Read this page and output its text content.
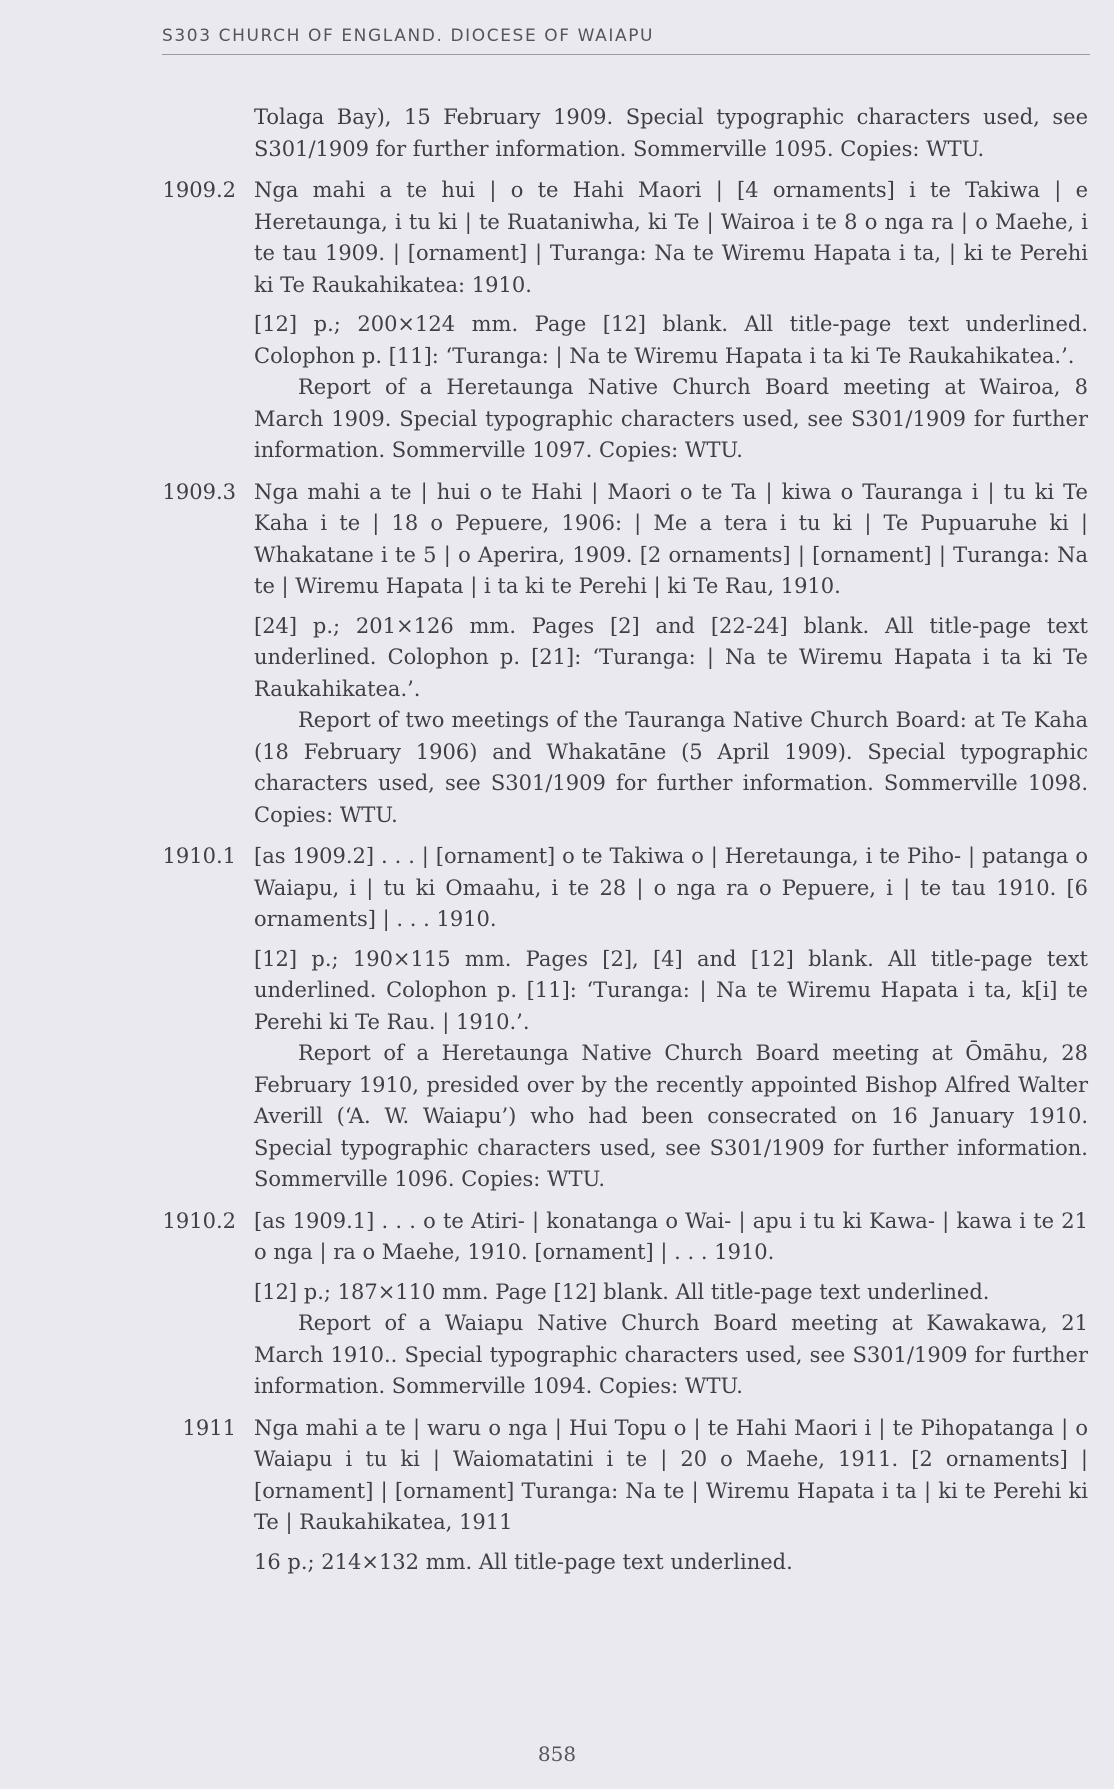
S303 CHURCH OF ENGLAND. DIOCESE OF WAIAPU

Tolaga Bay), 15 February 1909. Special typographic characters used, see S301/1909 for further information. Sommerville 1095. Copies: WTU.

1909.2 Nga mahi a te hui | o te Hahi Maori | [4 ornaments] i te Takiwa | e Heretaunga, i tu ki | te Ruataniwha, ki Te | Wairoa i te 8 o nga ra | o Maehe, i te tau 1909. | [ornament] | Turanga: Na te Wiremu Hapata i ta, | ki te Perehi ki Te Raukahikatea: 1910.

[12] p.; 200×124 mm. Page [12] blank. All title-page text underlined. Colophon p. [11]: ‘Turanga: | Na te Wiremu Hapata i ta ki Te Raukahikatea.’.

Report of a Heretaunga Native Church Board meeting at Wairoa, 8 March 1909. Special typographic characters used, see S301/1909 for further information. Sommerville 1097. Copies: WTU.

1909.3 Nga mahi a te | hui o te Hahi | Maori o te Ta | kiwa o Tauranga i | tu ki Te Kaha i te | 18 o Pepuere, 1906: | Me a tera i tu ki | Te Pupuaruhe ki | Whakatane i te 5 | o Aperira, 1909. [2 ornaments] | [ornament] | Turanga: Na te | Wiremu Hapata | i ta ki te Perehi | ki Te Rau, 1910.

[24] p.; 201×126 mm. Pages [2] and [22-24] blank. All title-page text underlined. Colophon p. [21]: ‘Turanga: | Na te Wiremu Hapata i ta ki Te Raukahikatea.’.

Report of two meetings of the Tauranga Native Church Board: at Te Kaha (18 February 1906) and Whakatāne (5 April 1909). Special typographic characters used, see S301/1909 for further information. Sommerville 1098. Copies: WTU.

1910.1 [as 1909.2] . . . | [ornament] o te Takiwa o | Heretaunga, i te Piho- | patanga o Waiapu, i | tu ki Omaahu, i te 28 | o nga ra o Pepuere, i | te tau 1910. [6 ornaments] | . . . 1910.

[12] p.; 190×115 mm. Pages [2], [4] and [12] blank. All title-page text underlined. Colophon p. [11]: ‘Turanga: | Na te Wiremu Hapata i ta, k[i] te Perehi ki Te Rau. | 1910.’.

Report of a Heretaunga Native Church Board meeting at Ōmāhu, 28 February 1910, presided over by the recently appointed Bishop Alfred Walter Averill (‘A. W. Waiapu’) who had been consecrated on 16 January 1910. Special typographic characters used, see S301/1909 for further information. Sommerville 1096. Copies: WTU.

1910.2 [as 1909.1] . . . o te Atiri- | konatanga o Wai- | apu i tu ki Kawa- | kawa i te 21 o nga | ra o Maehe, 1910. [ornament] | . . . 1910.

[12] p.; 187×110 mm. Page [12] blank. All title-page text underlined.

Report of a Waiapu Native Church Board meeting at Kawakawa, 21 March 1910.. Special typographic characters used, see S301/1909 for further information. Sommerville 1094. Copies: WTU.

1911 Nga mahi a te | waru o nga | Hui Topu o | te Hahi Maori i | te Pihopatanga | o Waiapu i tu ki | Waiomatatini i te | 20 o Maehe, 1911. [2 ornaments] | [ornament] | [ornament] Turanga: Na te | Wiremu Hapata i ta | ki te Perehi ki Te | Raukahikatea, 1911

16 p.; 214×132 mm. All title-page text underlined.

858
